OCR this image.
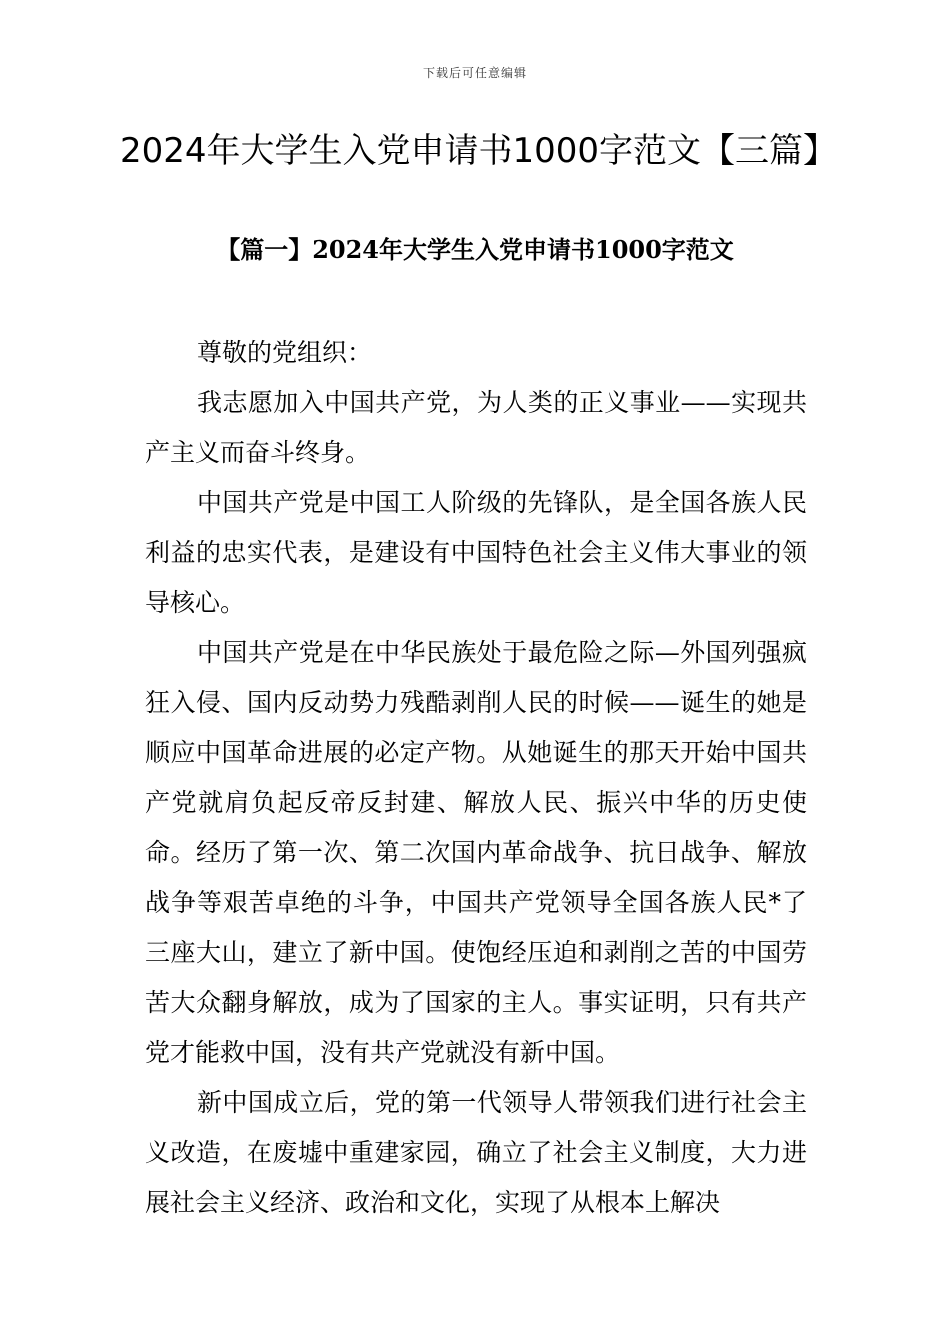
下载后可任意编辑
2024年大学生入党申请书1000字范文【三篇】
【篇一】2024年大学生入党申请书1000字范文

尊敬的党组织：

我志愿加入中国共产党，为人类的正义事业——实现共产主义而奋斗终身。

中国共产党是中国工人阶级的先锋队，是全国各族人民利益的忠实代表，是建设有中国特色社会主义伟大事业的领导核心。

中国共产党是在中华民族处于最危险之际—外国列强疯狂入侵、国内反动势力残酷剥削人民的时候——诞生的她是顺应中国革命进展的必定产物。从她诞生的那天开始中国共产党就肩负起反帝反封建、解放人民、振兴中华的历史使命。经历了第一次、第二次国内革命战争、抗日战争、解放战争等艰苦卓绝的斗争，中国共产党领导全国各族人民*了三座大山，建立了新中国。使饱经压迫和剥削之苦的中国劳苦大众翻身解放，成为了国家的主人。事实证明，只有共产党才能救中国，没有共产党就没有新中国。

新中国成立后，党的第一代领导人带领我们进行社会主义改造，在废墟中重建家园，确立了社会主义制度，大力进展社会主义经济、政治和文化，实现了从根本上解决
